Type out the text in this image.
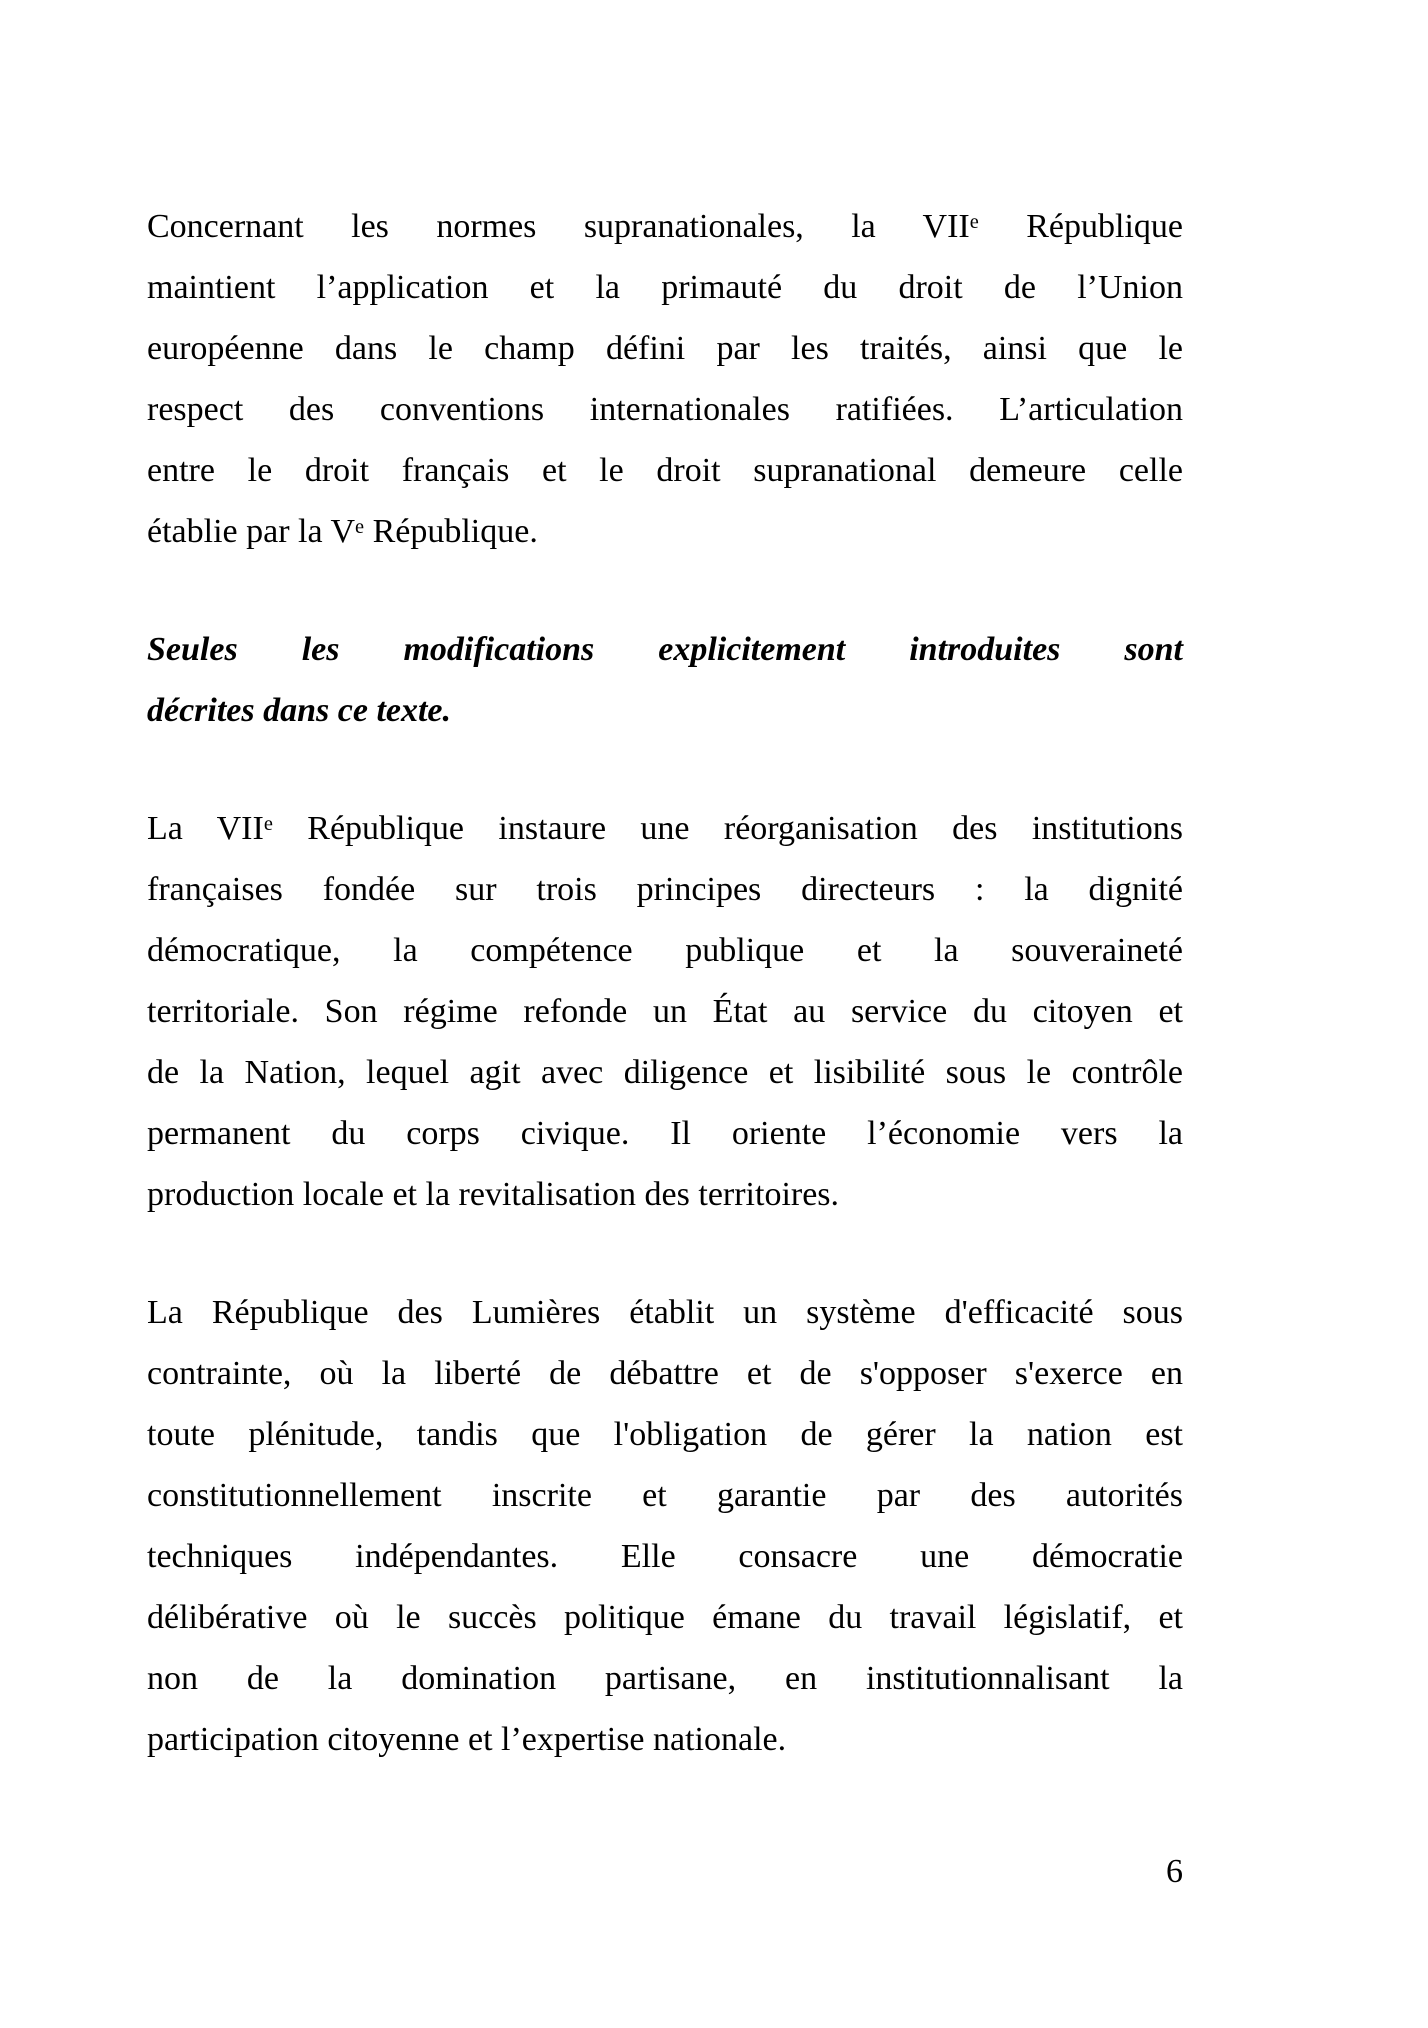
Concernant les normes supranationales, la VIIe République
maintient l’application et la primauté du droit de l’Union
européenne dans le champ défini par les traités, ainsi que le
respect des conventions internationales ratifiées. L’articulation
entre le droit français et le droit supranational demeure celle
établie par la Ve République.

Seules les modifications explicitement introduites sont
décrites dans ce texte.

La VIIe République instaure une réorganisation des institutions
françaises fondée sur trois principes directeurs : la dignité
démocratique, la compétence publique et la souveraineté
territoriale. Son régime refonde un État au service du citoyen et
de la Nation, lequel agit avec diligence et lisibilité sous le contrôle
permanent du corps civique. Il oriente l’économie vers la
production locale et la revitalisation des territoires.

La République des Lumières établit un système d'efficacité sous
contrainte, où la liberté de débattre et de s'opposer s'exerce en
toute plénitude, tandis que l'obligation de gérer la nation est
constitutionnellement inscrite et garantie par des autorités
techniques indépendantes. Elle consacre une démocratie
délibérative où le succès politique émane du travail législatif, et
non de la domination partisane, en institutionnalisant la
participation citoyenne et l’expertise nationale.

6
